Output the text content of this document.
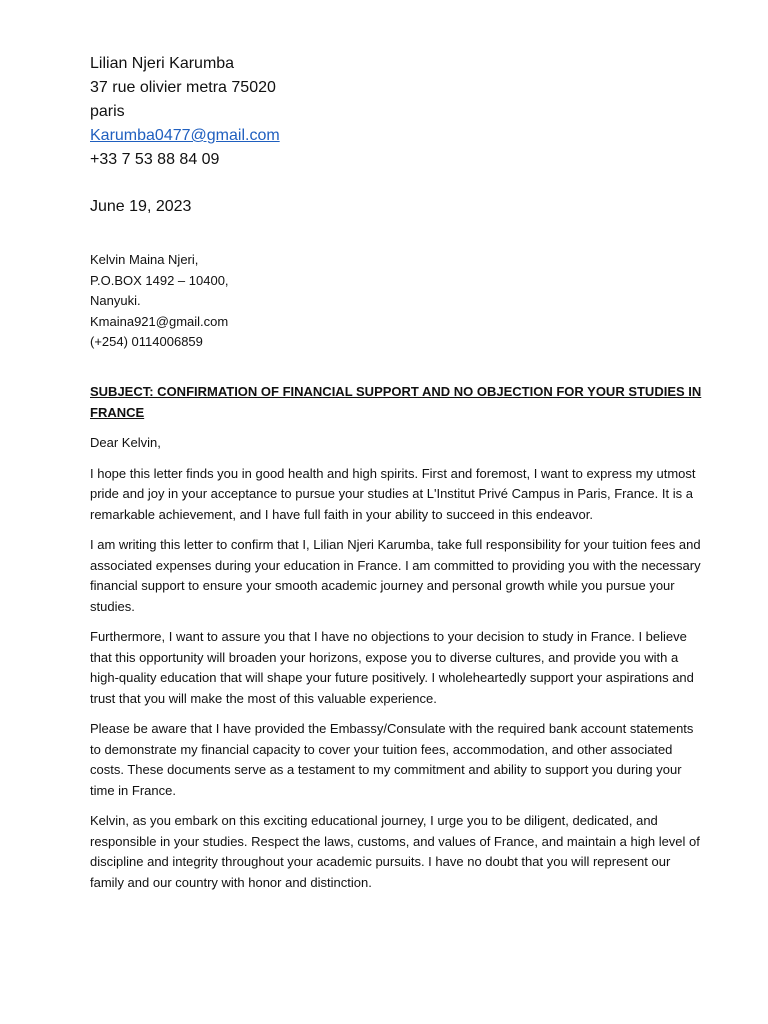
Lilian Njeri Karumba
37 rue olivier metra 75020
paris
Karumba0477@gmail.com
+33 7 53 88 84 09
June 19, 2023
Kelvin Maina Njeri,
P.O.BOX 1492 – 10400,
Nanyuki.
Kmaina921@gmail.com
(+254) 0114006859
SUBJECT: CONFIRMATION OF FINANCIAL SUPPORT AND NO OBJECTION FOR YOUR STUDIES IN FRANCE
Dear Kelvin,
I hope this letter finds you in good health and high spirits. First and foremost, I want to express my utmost pride and joy in your acceptance to pursue your studies at L'Institut Privé Campus in Paris, France. It is a remarkable achievement, and I have full faith in your ability to succeed in this endeavor.
I am writing this letter to confirm that I, Lilian Njeri Karumba, take full responsibility for your tuition fees and associated expenses during your education in France. I am committed to providing you with the necessary financial support to ensure your smooth academic journey and personal growth while you pursue your studies.
Furthermore, I want to assure you that I have no objections to your decision to study in France. I believe that this opportunity will broaden your horizons, expose you to diverse cultures, and provide you with a high-quality education that will shape your future positively. I wholeheartedly support your aspirations and trust that you will make the most of this valuable experience.
Please be aware that I have provided the Embassy/Consulate with the required bank account statements to demonstrate my financial capacity to cover your tuition fees, accommodation, and other associated costs. These documents serve as a testament to my commitment and ability to support you during your time in France.
Kelvin, as you embark on this exciting educational journey, I urge you to be diligent, dedicated, and responsible in your studies. Respect the laws, customs, and values of France, and maintain a high level of discipline and integrity throughout your academic pursuits. I have no doubt that you will represent our family and our country with honor and distinction.
